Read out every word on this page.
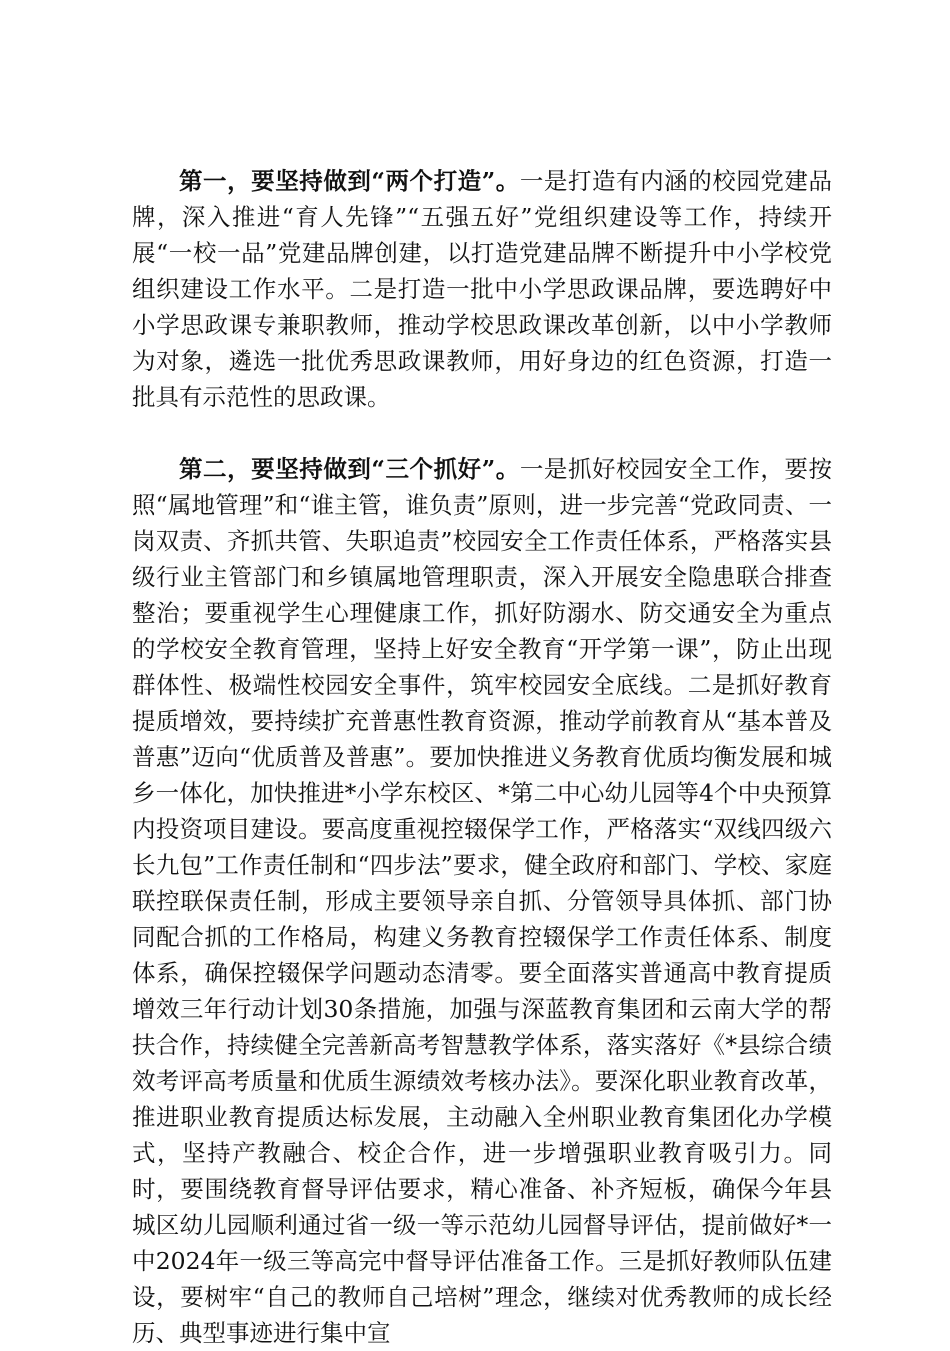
第一，要坚持做到“两个打造”。一是打造有内涵的校园党建品牌，深入推进“育人先锋”“五强五好”党组织建设等工作，持续开展“一校一品”党建品牌创建，以打造党建品牌不断提升中小学校党组织建设工作水平。二是打造一批中小学思政课品牌，要选聘好中小学思政课专兼职教师，推动学校思政课改革创新，以中小学教师为对象，遴选一批优秀思政课教师，用好身边的红色资源，打造一批具有示范性的思政课。

第二，要坚持做到“三个抓好”。一是抓好校园安全工作，要按照“属地管理”和“谁主管，谁负责”原则，进一步完善“党政同责、一岗双责、齐抓共管、失职追责”校园安全工作责任体系，严格落实县级行业主管部门和乡镇属地管理职责，深入开展安全隐患联合排查整治；要重视学生心理健康工作，抓好防溺水、防交通安全为重点的学校安全教育管理，坚持上好安全教育“开学第一课”，防止出现群体性、极端性校园安全事件，筑牢校园安全底线。二是抓好教育提质增效，要持续扩充普惠性教育资源，推动学前教育从“基本普及普惠”迈向“优质普及普惠”。要加快推进义务教育优质均衡发展和城乡一体化，加快推进*小学东校区、*第二中心幼儿园等4个中央预算内投资项目建设。要高度重视控辍保学工作，严格落实“双线四级六长九包”工作责任制和“四步法”要求，健全政府和部门、学校、家庭联控联保责任制，形成主要领导亲自抓、分管领导具体抓、部门协同配合抓的工作格局，构建义务教育控辍保学工作责任体系、制度体系，确保控辍保学问题动态清零。要全面落实普通高中教育提质增效三年行动计划30条措施，加强与深蓝教育集团和云南大学的帮扶合作，持续健全完善新高考智慧教学体系，落实落好《*县综合绩效考评高考质量和优质生源绩效考核办法》。要深化职业教育改革，推进职业教育提质达标发展，主动融入全州职业教育集团化办学模式，坚持产教融合、校企合作，进一步增强职业教育吸引力。同时，要围绕教育督导评估要求，精心准备、补齐短板，确保今年县城区幼儿园顺利通过省一级一等示范幼儿园督导评估，提前做好*一中2024年一级三等高完中督导评估准备工作。三是抓好教师队伍建设，要树牢“自己的教师自己培树”理念，继续对优秀教师的成长经历、典型事迹进行集中宣
